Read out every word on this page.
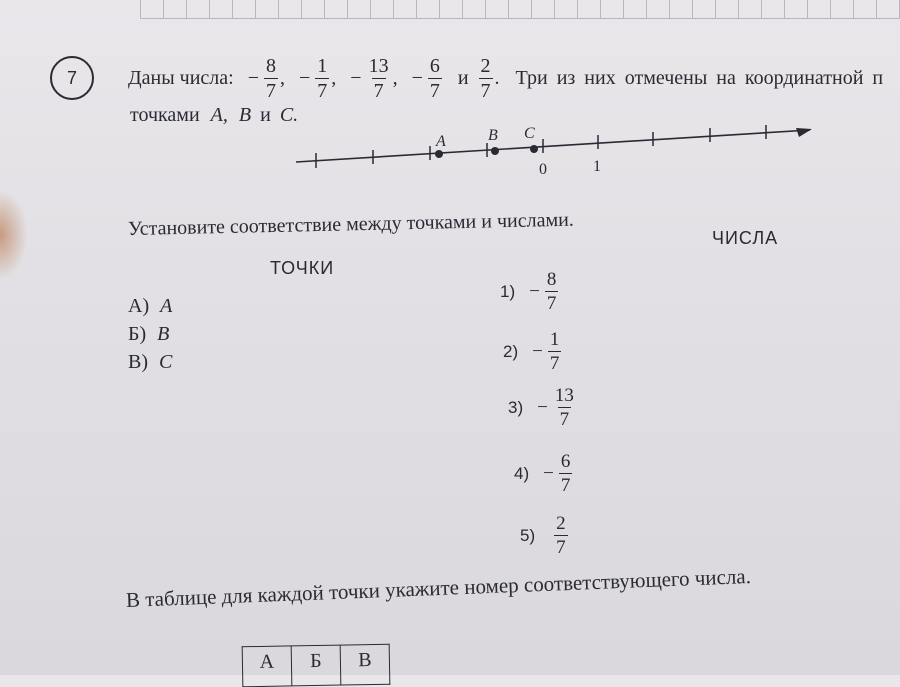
7	Даны числа: − $\frac{8}{7}$ , − $\frac{1}{7}$ , − $\frac{13}{7}$ , − $\frac{6}{7}$ и $\frac{2}{7}$ . Три из них отмечены на координатной п
точками A, B и C.
A	B C
0	1
Установите соответствие между точками и числами.	ЧИСЛА
ТОЧКИ
А) A
Б) B
В) C
$1) - \frac{8}{7}$
$2) - \frac{1}{7}$
$3) - \frac{13}{7}$
$4) - \frac{6}{7}$
$5) \frac{2}{7}$
В таблице для каждой точки укажите номер соответствующего числа.
А	Б	В
